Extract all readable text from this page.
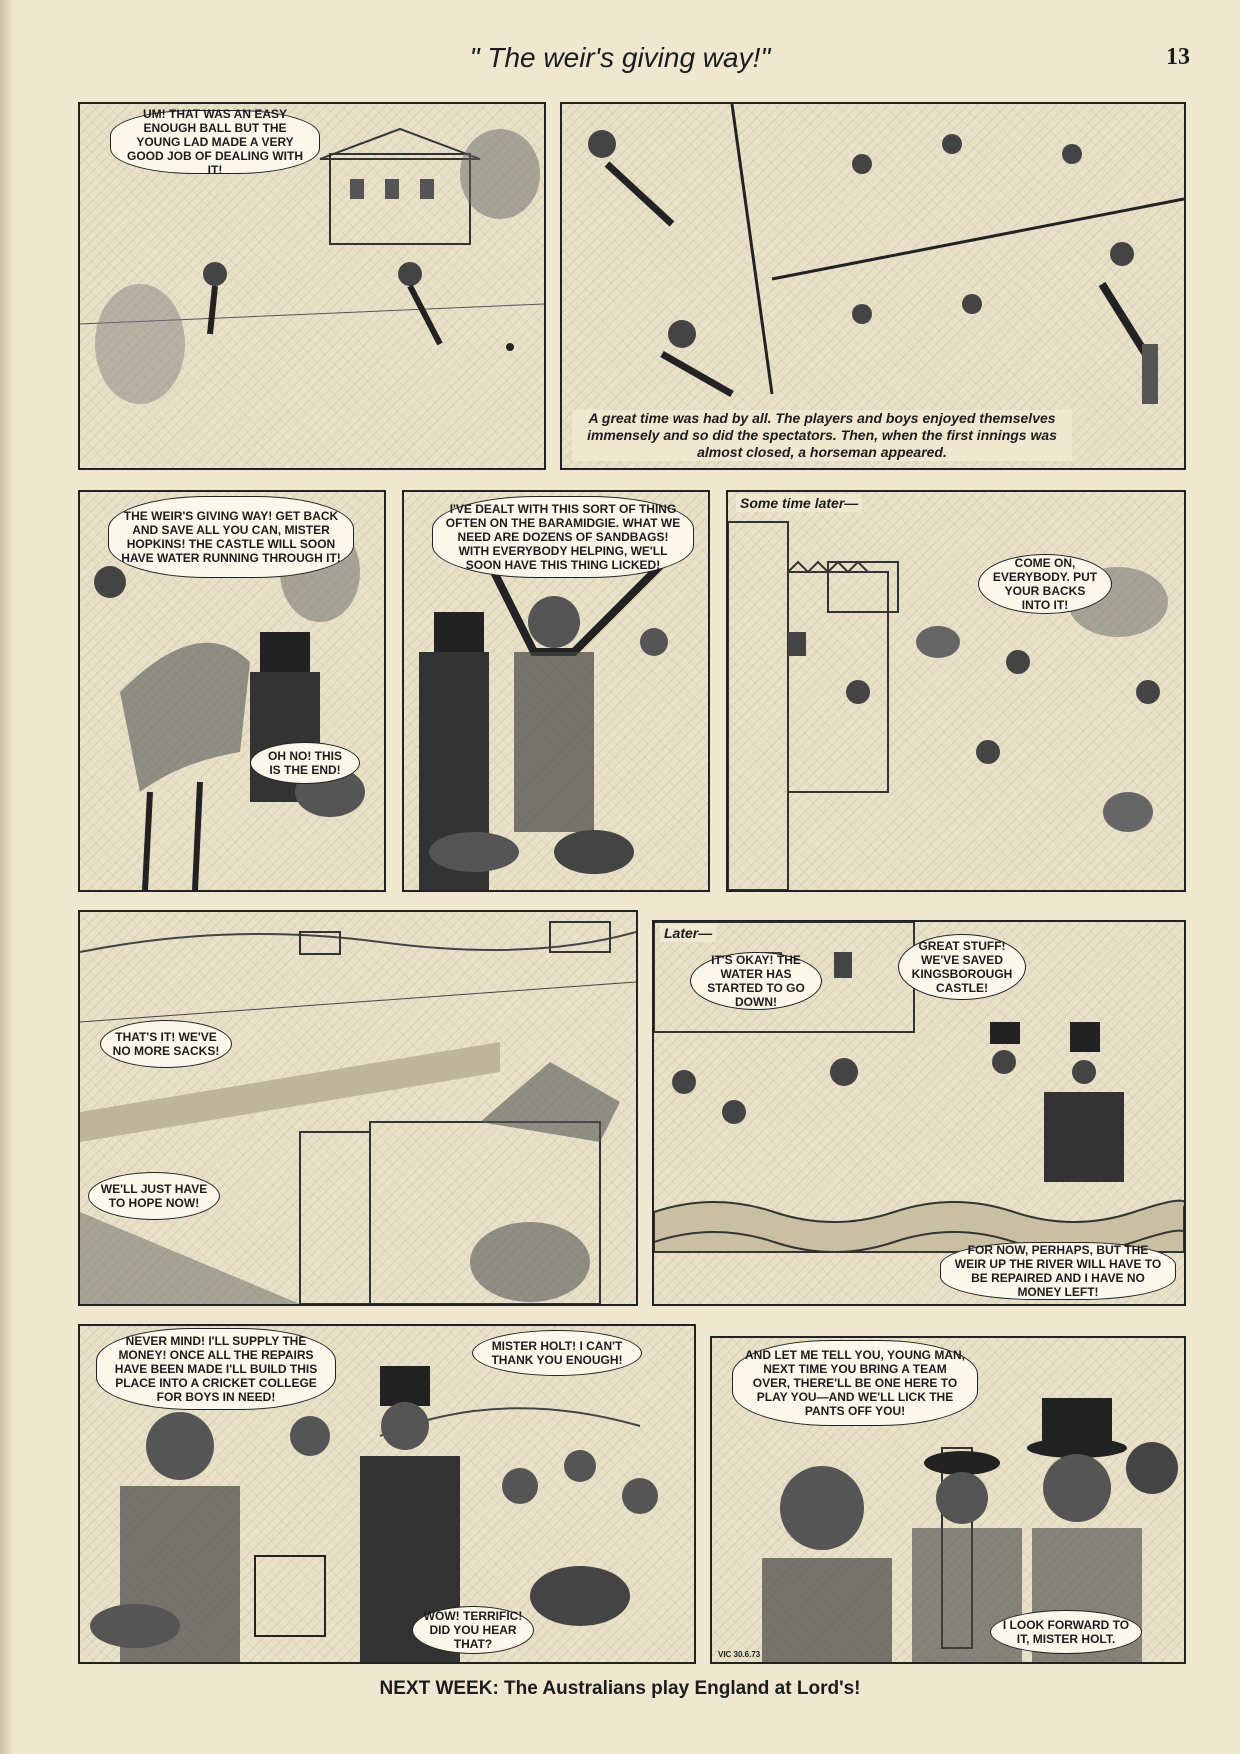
" The weir's giving way!"	13
UM! THAT WAS AN EASY ENOUGH BALL BUT THE YOUNG LAD MADE A VERY GOOD JOB OF DEALING WITH IT!
A great time was had by all. The players and boys enjoyed themselves immensely and so did the spectators. Then, when the first innings was almost closed, a horseman appeared.
THE WEIR'S GIVING WAY! GET BACK AND SAVE ALL YOU CAN, MISTER HOPKINS! THE CASTLE WILL SOON HAVE WATER RUNNING THROUGH IT!
OH NO! THIS IS THE END!
I'VE DEALT WITH THIS SORT OF THING OFTEN ON THE BARAMIDGIE. WHAT WE NEED ARE DOZENS OF SANDBAGS! WITH EVERYBODY HELPING, WE'LL SOON HAVE THIS THING LICKED!
Some time later—
COME ON, EVERYBODY. PUT YOUR BACKS INTO IT!
THAT'S IT! WE'VE NO MORE SACKS!
WE'LL JUST HAVE TO HOPE NOW!
Later—
IT'S OKAY! THE WATER HAS STARTED TO GO DOWN!
GREAT STUFF! WE'VE SAVED KINGSBOROUGH CASTLE!
FOR NOW, PERHAPS, BUT THE WEIR UP THE RIVER WILL HAVE TO BE REPAIRED AND I HAVE NO MONEY LEFT!
NEVER MIND! I'LL SUPPLY THE MONEY! ONCE ALL THE REPAIRS HAVE BEEN MADE I'LL BUILD THIS PLACE INTO A CRICKET COLLEGE FOR BOYS IN NEED!
MISTER HOLT! I CAN'T THANK YOU ENOUGH!
WOW! TERRIFIC! DID YOU HEAR THAT?
AND LET ME TELL YOU, YOUNG MAN, NEXT TIME YOU BRING A TEAM OVER, THERE'LL BE ONE HERE TO PLAY YOU—AND WE'LL LICK THE PANTS OFF YOU!
I LOOK FORWARD TO IT, MISTER HOLT.
VIC 30.6.73
NEXT WEEK: The Australians play England at Lord's!
